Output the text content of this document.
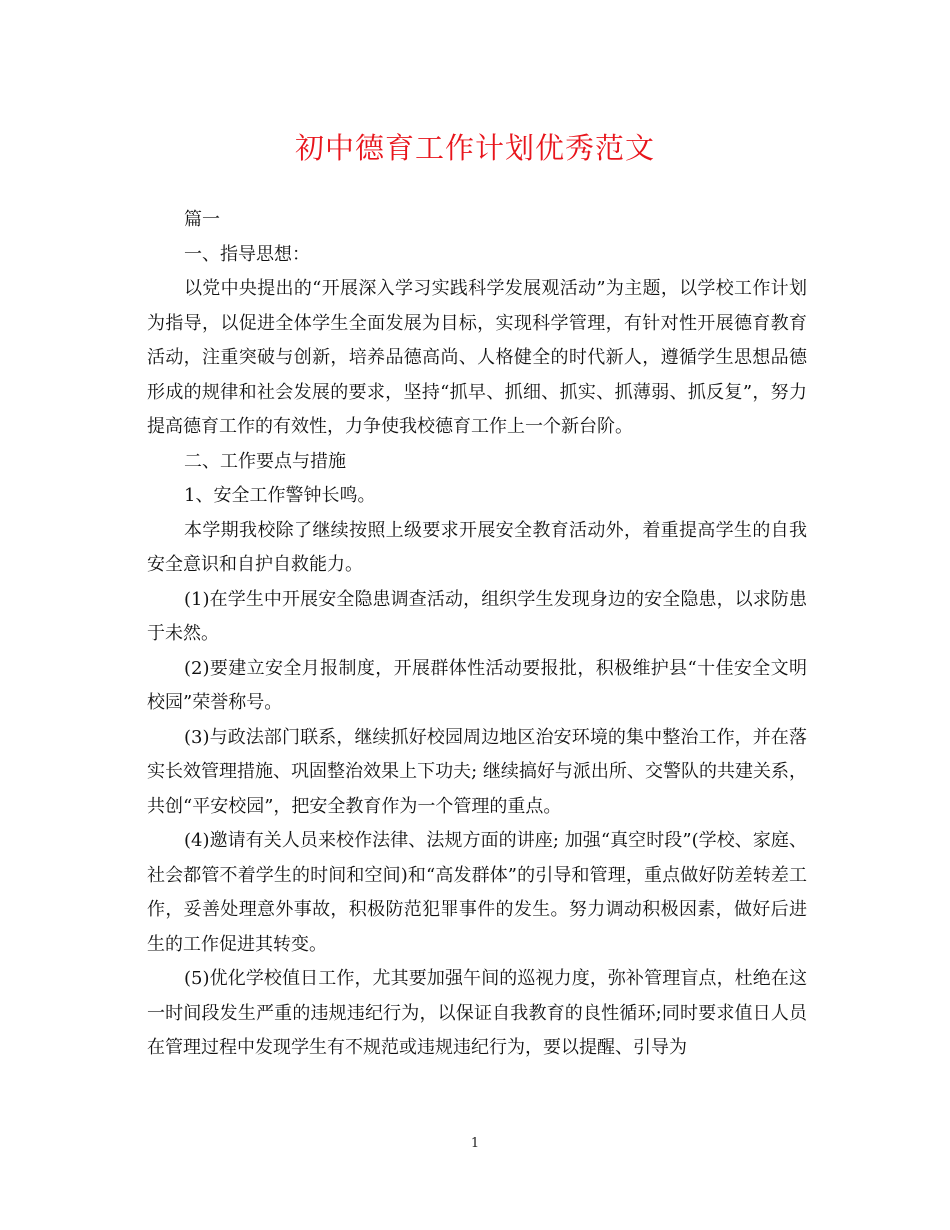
初中德育工作计划优秀范文

篇一

一、指导思想：

以党中央提出的“开展深入学习实践科学发展观活动”为主题，以学校工作计划为指导，以促进全体学生全面发展为目标，实现科学管理，有针对性开展德育教育活动，注重突破与创新，培养品德高尚、人格健全的时代新人，遵循学生思想品德形成的规律和社会发展的要求，坚持“抓早、抓细、抓实、抓薄弱、抓反复”，努力提高德育工作的有效性，力争使我校德育工作上一个新台阶。

二、工作要点与措施

1、安全工作警钟长鸣。

本学期我校除了继续按照上级要求开展安全教育活动外，着重提高学生的自我安全意识和自护自救能力。

(1)在学生中开展安全隐患调查活动，组织学生发现身边的安全隐患，以求防患于未然。

(2)要建立安全月报制度，开展群体性活动要报批，积极维护县“十佳安全文明校园”荣誉称号。

(3)与政法部门联系，继续抓好校园周边地区治安环境的集中整治工作，并在落实长效管理措施、巩固整治效果上下功夫; 继续搞好与派出所、交警队的共建关系，共创“平安校园”，把安全教育作为一个管理的重点。

(4)邀请有关人员来校作法律、法规方面的讲座; 加强“真空时段”(学校、家庭、社会都管不着学生的时间和空间)和“高发群体”的引导和管理，重点做好防差转差工作，妥善处理意外事故，积极防范犯罪事件的发生。努力调动积极因素，做好后进生的工作促进其转变。

(5)优化学校值日工作，尤其要加强午间的巡视力度，弥补管理盲点，杜绝在这一时间段发生严重的违规违纪行为，以保证自我教育的良性循环;同时要求值日人员在管理过程中发现学生有不规范或违规违纪行为，要以提醒、引导为

1
